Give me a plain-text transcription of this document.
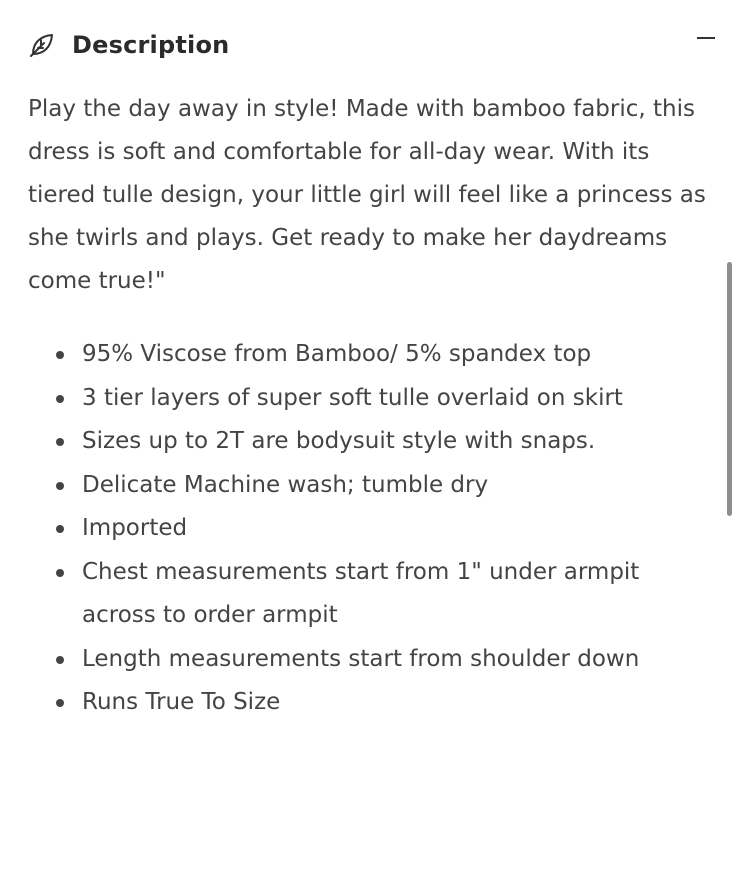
Description

Play the day away in style! Made with bamboo fabric, this dress is soft and comfortable for all-day wear. With its tiered tulle design, your little girl will feel like a princess as she twirls and plays. Get ready to make her daydreams come true!"

95% Viscose from Bamboo/ 5% spandex top
3 tier layers of super soft tulle overlaid on skirt
Sizes up to 2T are bodysuit style with snaps.
Delicate Machine wash; tumble dry
Imported
Chest measurements start from 1" under armpit across to order armpit
Length measurements start from shoulder down
Runs True To Size
